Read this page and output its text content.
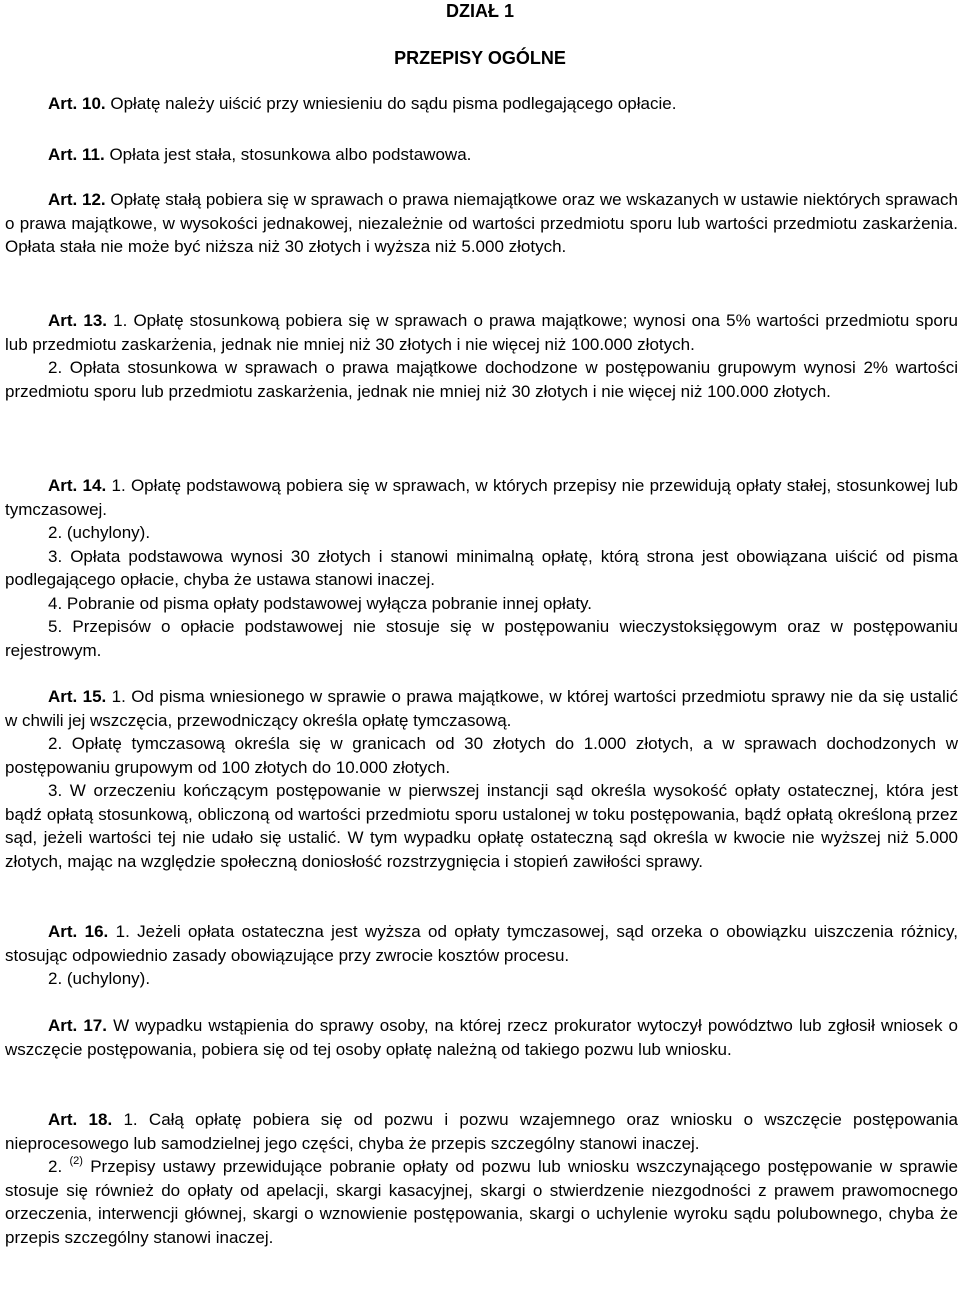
DZIAŁ 1
PRZEPISY OGÓLNE
Art. 10. Opłatę należy uiścić przy wniesieniu do sądu pisma podlegającego opłacie.
Art. 11. Opłata jest stała, stosunkowa albo podstawowa.
Art. 12. Opłatę stałą pobiera się w sprawach o prawa niemajątkowe oraz we wskazanych w ustawie niektórych sprawach o prawa majątkowe, w wysokości jednakowej, niezależnie od wartości przedmiotu sporu lub wartości przedmiotu zaskarżenia. Opłata stała nie może być niższa niż 30 złotych i wyższa niż 5.000 złotych.

Art. 13. 1. Opłatę stosunkową pobiera się w sprawach o prawa majątkowe; wynosi ona 5% wartości przedmiotu sporu lub przedmiotu zaskarżenia, jednak nie mniej niż 30 złotych i nie więcej niż 100.000 złotych.

2. Opłata stosunkowa w sprawach o prawa majątkowe dochodzone w postępowaniu grupowym wynosi 2% wartości przedmiotu sporu lub przedmiotu zaskarżenia, jednak nie mniej niż 30 złotych i nie więcej niż 100.000 złotych.

Art. 14. 1. Opłatę podstawową pobiera się w sprawach, w których przepisy nie przewidują opłaty stałej, stosunkowej lub tymczasowej.

2. (uchylony).

3. Opłata podstawowa wynosi 30 złotych i stanowi minimalną opłatę, którą strona jest obowiązana uiścić od pisma podlegającego opłacie, chyba że ustawa stanowi inaczej.

4. Pobranie od pisma opłaty podstawowej wyłącza pobranie innej opłaty.

5. Przepisów o opłacie podstawowej nie stosuje się w postępowaniu wieczystoksięgowym oraz w postępowaniu rejestrowym.

Art. 15. 1. Od pisma wniesionego w sprawie o prawa majątkowe, w której wartości przedmiotu sprawy nie da się ustalić w chwili jej wszczęcia, przewodniczący określa opłatę tymczasową.

2. Opłatę tymczasową określa się w granicach od 30 złotych do 1.000 złotych, a w sprawach dochodzonych w postępowaniu grupowym od 100 złotych do 10.000 złotych.

3. W orzeczeniu kończącym postępowanie w pierwszej instancji sąd określa wysokość opłaty ostatecznej, która jest bądź opłatą stosunkową, obliczoną od wartości przedmiotu sporu ustalonej w toku postępowania, bądź opłatą określoną przez sąd, jeżeli wartości tej nie udało się ustalić. W tym wypadku opłatę ostateczną sąd określa w kwocie nie wyższej niż 5.000 złotych, mając na względzie społeczną doniosłość rozstrzygnięcia i stopień zawiłości sprawy.

Art. 16. 1. Jeżeli opłata ostateczna jest wyższa od opłaty tymczasowej, sąd orzeka o obowiązku uiszczenia różnicy, stosując odpowiednio zasady obowiązujące przy zwrocie kosztów procesu.

2. (uchylony).

Art. 17. W wypadku wstąpienia do sprawy osoby, na której rzecz prokurator wytoczył powództwo lub zgłosił wniosek o wszczęcie postępowania, pobiera się od tej osoby opłatę należną od takiego pozwu lub wniosku.

Art. 18. 1. Całą opłatę pobiera się od pozwu i pozwu wzajemnego oraz wniosku o wszczęcie postępowania nieprocesowego lub samodzielnej jego części, chyba że przepis szczególny stanowi inaczej.

2. $^{(2)}$ Przepisy ustawy przewidujące pobranie opłaty od pozwu lub wniosku wszczynającego postępowanie w sprawie stosuje się również do opłaty od apelacji, skargi kasacyjnej, skargi o stwierdzenie niezgodności z prawem prawomocnego orzeczenia, interwencji głównej, skargi o wznowienie postępowania, skargi o uchylenie wyroku sądu polubownego, chyba że przepis szczególny stanowi inaczej.
